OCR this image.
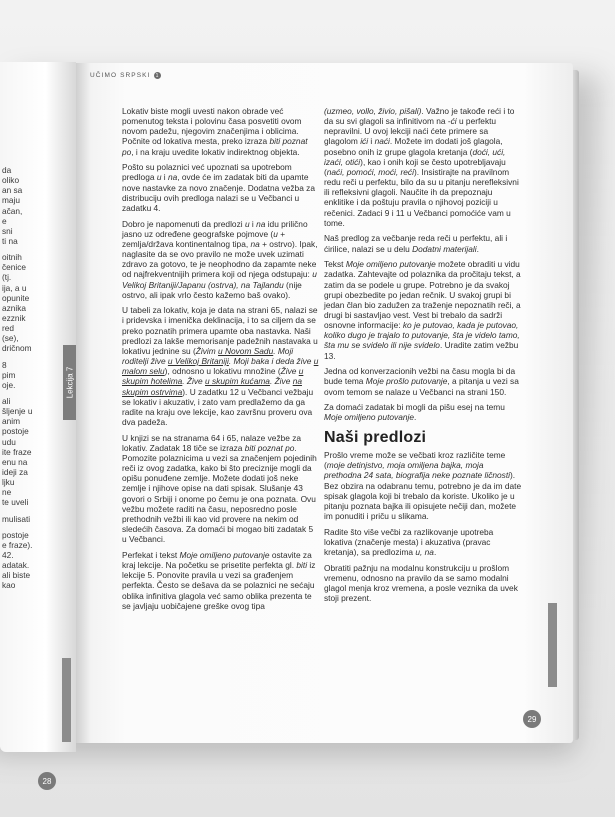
da
oliko
an sa
maju
ačan,
e
sni
ti na
oitnih
čenice
(tj.
ija, a u
opunite
aznika
ezznik
red
(se),
dričnom
8
pim
oje.
ali
šljenje u
anim
postoje
udu
ite fraze
enu na
ideji za
ljku
ne
te uveli
mulisati
postoje
e fraze).
42.
adatak.
ali biste
kao
Lekcija 7
28
UČIMO SRPSKI	1

Lokativ biste mogli uvesti nakon obrade već pomenutog teksta i polovinu časa posvetiti ovom novom padežu, njegovim značenjima i oblicima. Počnite od lokativa mesta, preko izraza biti poznat po, i na kraju uvedite lokativ indirektnog objekta.

Pošto su polaznici već upoznati sa upotrebom predloga u i na, ovde će im zadatak biti da upamte nove nastavke za novo značenje. Dodatna vežba za distribuciju ovih predloga nalazi se u Večbanci u zadatku 4.

Dobro je napomenuti da predlozi u i na idu prilično jasno uz određene geografske pojmove (u + zemlja/država kontinentalnog tipa, na + ostrvo). Ipak, naglasite da se ovo pravilo ne može uvek uzimati zdravo za gotovo, te je neophodno da zapamte neke od najfrekventnijih primera koji od njega odstupaju: u Velikoj Britaniji/Japanu (ostrva), na Tajlandu (nije ostrvo, ali ipak vrlo često kažemo baš ovako).

U tabeli za lokativ, koja je data na strani 65, nalazi se i pridevska i imenička deklinacija, i to sa ciljem da se preko poznatih primera upamte oba nastavka. Naši predlozi za lakše memorisanje padežnih nastavaka u lokativu jednine su (Živim u Novom Sadu. Moji roditelji žive u Velikoj Britaniji. Moji baka i deda žive u malom selu), odnosno u lokativu množine (Žive u skupim hotelima. Žive u skupim kućama. Žive na skupim ostrvima). U zadatku 12 u Večbanci vežbaju se lokativ i akuzativ, i zato vam predlažemo da ga radite na kraju ove lekcije, kao završnu proveru ova dva padeža.

U knjizi se na stranama 64 i 65, nalaze vežbe za lokativ. Zadatak 18 tiče se izraza biti poznat po. Pomozite polaznicima u vezi sa značenjem pojedinih reči iz ovog zadatka, kako bi što preciznije mogli da opišu ponuđene zemlje. Možete dodati još neke zemlje i njihove opise na dati spisak. Slušanje 43 govori o Srbiji i onome po čemu je ona poznata. Ovu vežbu možete raditi na času, neposredno posle prethodnih vežbi ili kao vid provere na nekim od sledećih časova. Za domaći bi mogao biti zadatak 5 u Večbanci.

Perfekat i tekst Moje omiljeno putovanje ostavite za kraj lekcije. Na početku se prisetite perfekta gl. biti iz lekcije 5. Ponovite pravila u vezi sa građenjem perfekta. Često se dešava da se polaznici ne sećaju oblika infinitiva glagola već samo oblika prezenta te se javljaju uobičajene greške ovog tipa

(uzmeo, vollo, živio, pišali). Važno je takođe reći i to da su svi glagoli sa infinitivom na -ći u perfektu nepravilni. U ovoj lekciji naći ćete primere sa glagolom ići i naći. Možete im dodati još glagola, posebno onih iz grupe glagola kretanja (doći, ući, izaći, otići), kao i onih koji se često upotrebljavaju (naći, pomoći, moći, reći). Insistirajte na pravilnom redu reči u perfektu, bilo da su u pitanju nerefleksivni ili refleksivni glagoli. Naučite ih da prepoznaju enklitike i da poštuju pravila o njihovoj poziciji u rečenici. Zadaci 9 i 11 u Večbanci pomoćiće vam u tome.

Naš predlog za večbanje reda reči u perfektu, ali i ćirilice, nalazi se u delu Dodatni materijali.

Tekst Moje omiljeno putovanje možete obraditi u vidu zadatka. Zahtevajte od polaznika da pročitaju tekst, a zatim da se podele u grupe. Potrebno je da svakoj grupi obezbedite po jedan rečnik. U svakoj grupi bi jedan član bio zadužen za traženje nepoznatih reči, a drugi bi sastavljao vest. Vest bi trebalo da sadrži osnovne informacije: ko je putovao, kada je putovao, koliko dugo je trajalo to putovanje, šta je videlo tamo, šta mu se svidelo ili nije svidelo. Uradite zatim vežbu 13.

Jedna od konverzacionih vežbi na času mogla bi da bude tema Moje prošlo putovanje, a pitanja u vezi sa ovom temom se nalaze u Večbanci na strani 150.

Za domaći zadatak bi mogli da pišu esej na temu Moje omiljeno putovanje.

Naši predlozi

Prošlo vreme može se večbati kroz različite teme (moje detinjstvo, moja omiljena bajka, moja prethodna 24 sata, biografija neke poznate ličnosti). Bez obzira na odabranu temu, potrebno je da im date spisak glagola koji bi trebalo da koriste. Ukoliko je u pitanju poznata bajka ili opisujete nečiji dan, možete im ponuditi i priču u slikama.

Radite što više večbi za razlikovanje upotreba lokativa (značenje mesta) i akuzativa (pravac kretanja), sa predlozima u, na.

Obratiti pažnju na modalnu konstrukciju u prošlom vremenu, odnosno na pravilo da se samo modalni glagol menja kroz vremena, a posle veznika da uvek stoji prezent.

29
